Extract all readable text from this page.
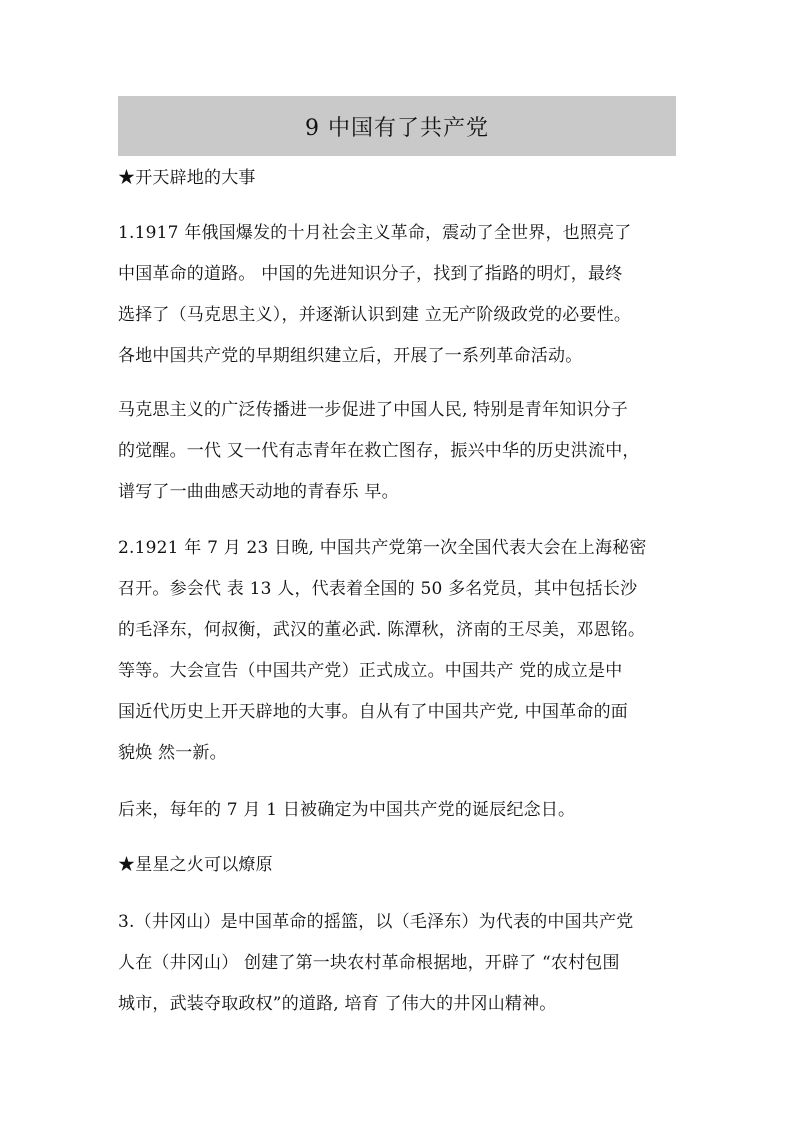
9 中国有了共产党
★开天辟地的大事
1.1917 年俄国爆发的十月社会主义革命，震动了全世界，也照亮了
中国革命的道路。 中国的先进知识分子，找到了指路的明灯，最终
选择了（马克思主义），并逐渐认识到建 立无产阶级政党的必要性。
各地中国共产党的早期组织建立后，开展了一系列革命活动。
马克思主义的广泛传播进一步促进了中国人民, 特别是青年知识分子
的觉醒。一代 又一代有志青年在救亡图存，振兴中华的历史洪流中，
谱写了一曲曲感天动地的青春乐 早。
2.1921 年 7 月 23 日晚, 中国共产党第一次全国代表大会在上海秘密
召开。参会代 表 13 人，代表着全国的 50 多名党员，其中包括长沙
的毛泽东，何叔衡，武汉的董必武. 陈潭秋，济南的王尽美，邓恩铭。
等等。大会宣告（中国共产党）正式成立。中国共产 党的成立是中
国近代历史上开天辟地的大事。自从有了中国共产党, 中国革命的面
貌焕 然一新。
后来，每年的 7 月 1 日被确定为中国共产党的诞辰纪念日。
★星星之火可以燎原
3.（井冈山）是中国革命的摇篮，以（毛泽东）为代表的中国共产党
人在（井冈山） 创建了第一块农村革命根据地，开辟了 “农村包围
城市，武装夺取政权”的道路, 培育 了伟大的井冈山精神。
